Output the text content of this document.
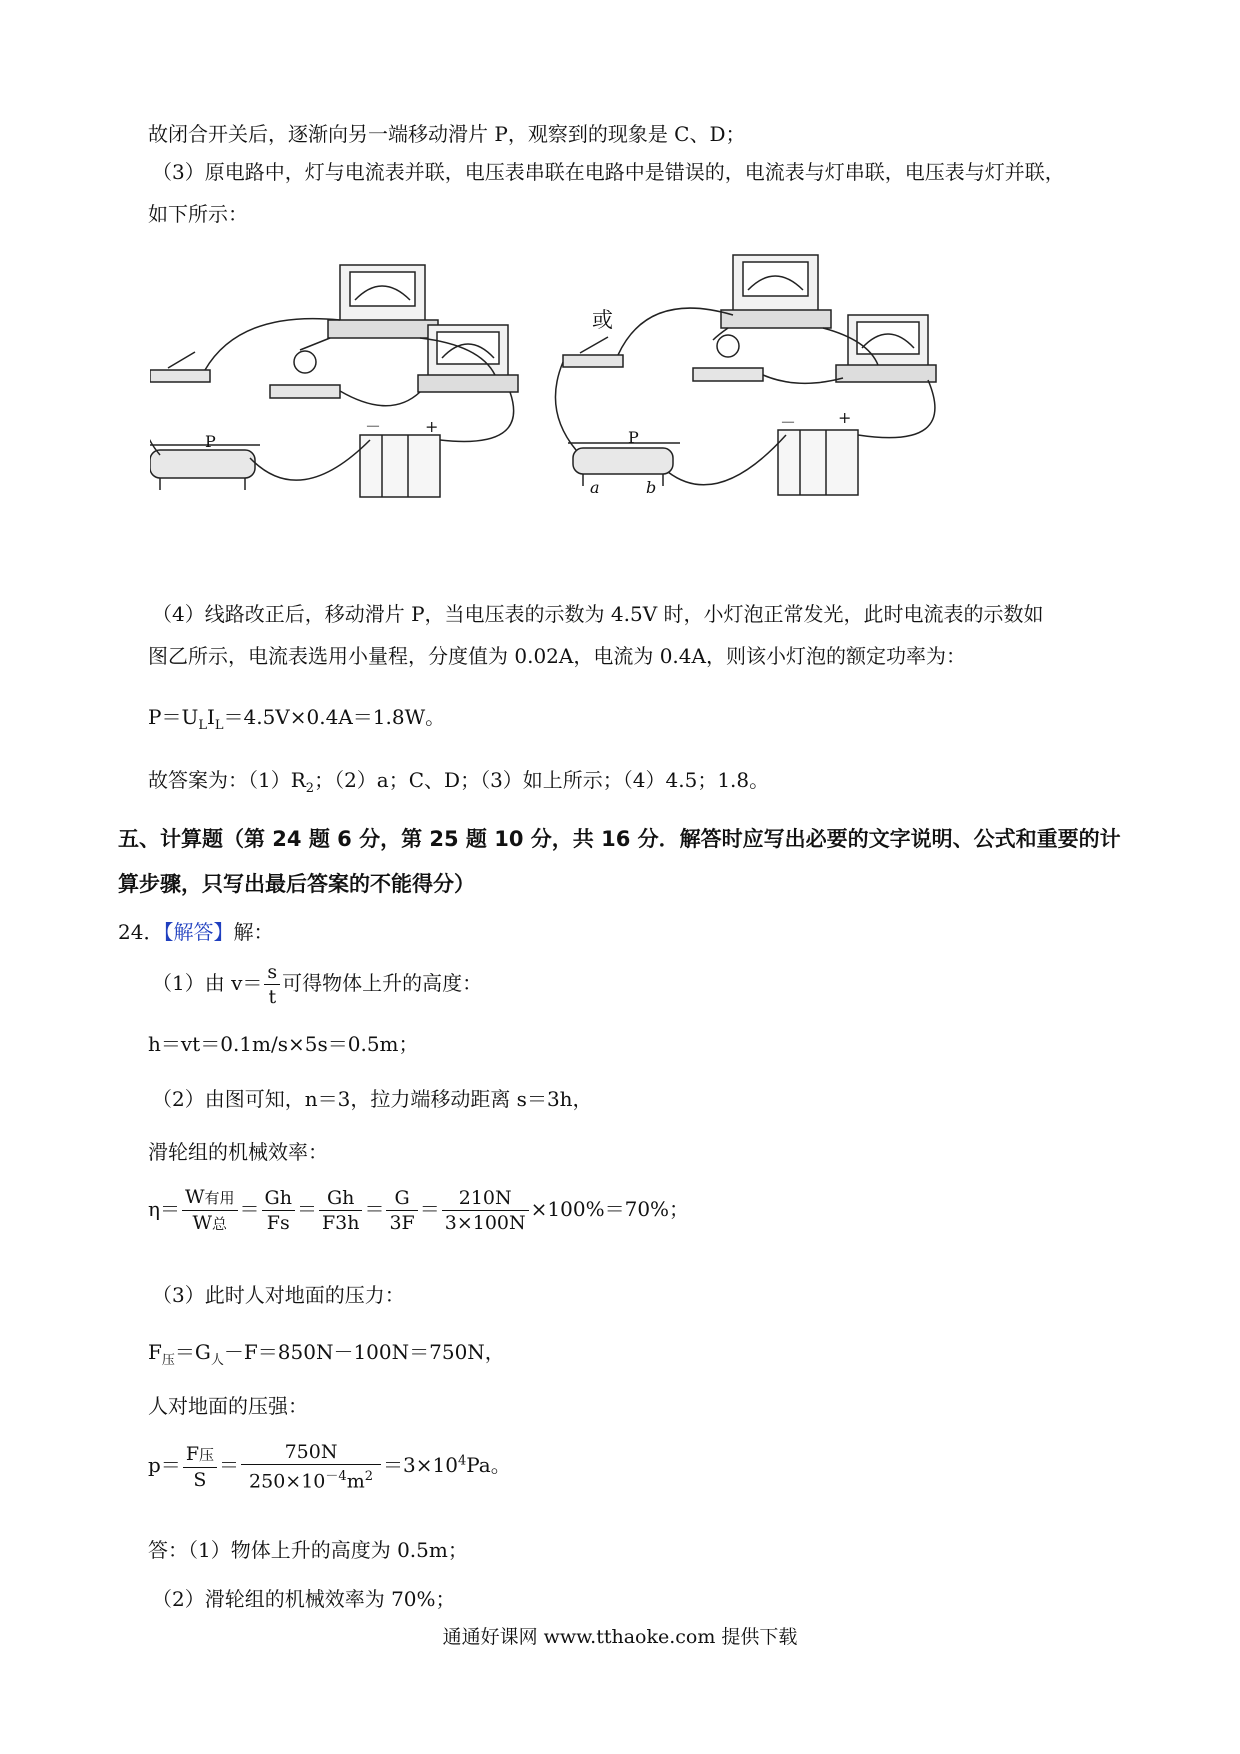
故闭合开关后，逐渐向另一端移动滑片 P，观察到的现象是 C、D；
（3）原电路中，灯与电流表并联，电压表串联在电路中是错误的，电流表与灯串联，电压表与灯并联，
如下所示：
P
－	+
P
－	+
a	b
或
（4）线路改正后，移动滑片 P，当电压表的示数为 4.5V 时，小灯泡正常发光，此时电流表的示数如
图乙所示，电流表选用小量程，分度值为 0.02A，电流为 0.4A，则该小灯泡的额定功率为：
$P=U_LI_L=4.5V\times 0.4A=1.8W$。
故答案为：$(1)R_2$；（2）a；C、D；（3）如上所示；（4）4.5；1.8。
五、计算题（第 24 题 6 分，第 25 题 10 分，共 16 分．解答时应写出必要的文字说明、公式和重要的计
算步骤，只写出最后答案的不能得分）
24．【解答】解：
（1）由 $v= \frac{s}{t}$ 可得物体上升的高度：
h＝vt＝0.1m/s×5s＝0.5m；
（2）由图可知，n＝3，拉力端移动距离 s＝3h，
滑轮组的机械效率：
$\eta= \frac{\text{W有用}}{\text{W总}} = \frac{Gh}{Fs} = \frac{Gh}{F3h} = \frac{G}{3F} = \frac{210N}{3\times 100N} \times 100\%=70\%$；
（3）此时人对地面的压力：
$F_压=G_人-F=850N-100N=750N$，
人对地面的压强：
$p= \frac{\text{F压}}{S} = \frac{750N}{250\times 10^{-4}m^2} =3\times 10^4Pa$。
答：（1）物体上升的高度为 0.5m；
（2）滑轮组的机械效率为 70%；
通通好课网 www.tthaoke.com 提供下载
